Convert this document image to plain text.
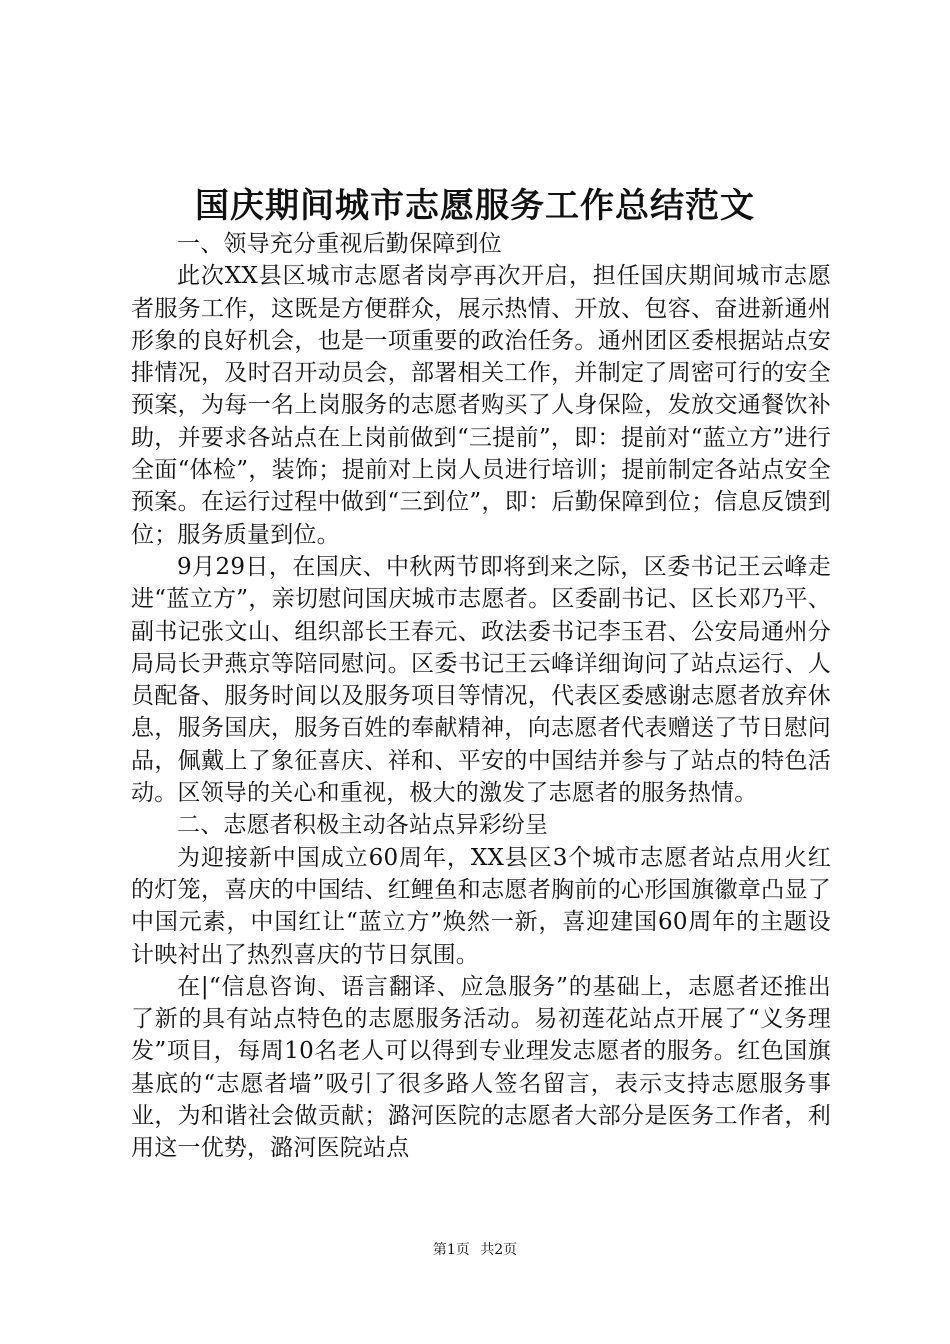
国庆期间城市志愿服务工作总结范文

一、领导充分重视后勤保障到位

此次XX县区城市志愿者岗亭再次开启，担任国庆期间城市志愿者服务工作，这既是方便群众，展示热情、开放、包容、奋进新通州形象的良好机会，也是一项重要的政治任务。通州团区委根据站点安排情况，及时召开动员会，部署相关工作，并制定了周密可行的安全预案，为每一名上岗服务的志愿者购买了人身保险，发放交通餐饮补助，并要求各站点在上岗前做到“三提前”，即：提前对“蓝立方”进行全面“体检”，装饰；提前对上岗人员进行培训；提前制定各站点安全预案。在运行过程中做到“三到位”，即：后勤保障到位；信息反馈到位；服务质量到位。

9月29日，在国庆、中秋两节即将到来之际，区委书记王云峰走进“蓝立方”，亲切慰问国庆城市志愿者。区委副书记、区长邓乃平、副书记张文山、组织部长王春元、政法委书记李玉君、公安局通州分局局长尹燕京等陪同慰问。区委书记王云峰详细询问了站点运行、人员配备、服务时间以及服务项目等情况，代表区委感谢志愿者放弃休息，服务国庆，服务百姓的奉献精神，向志愿者代表赠送了节日慰问品，佩戴上了象征喜庆、祥和、平安的中国结并参与了站点的特色活动。区领导的关心和重视，极大的激发了志愿者的服务热情。

二、志愿者积极主动各站点异彩纷呈

为迎接新中国成立60周年，XX县区3个城市志愿者站点用火红的灯笼，喜庆的中国结、红鲤鱼和志愿者胸前的心形国旗徽章凸显了中国元素，中国红让“蓝立方”焕然一新，喜迎建国60周年的主题设计映衬出了热烈喜庆的节日氛围。

在|“信息咨询、语言翻译、应急服务”的基础上，志愿者还推出了新的具有站点特色的志愿服务活动。易初莲花站点开展了“义务理发”项目，每周10名老人可以得到专业理发志愿者的服务。红色国旗基底的“志愿者墙”吸引了很多路人签名留言，表示支持志愿服务事业，为和谐社会做贡献；潞河医院的志愿者大部分是医务工作者，利用这一优势，潞河医院站点

第1页 共2页
